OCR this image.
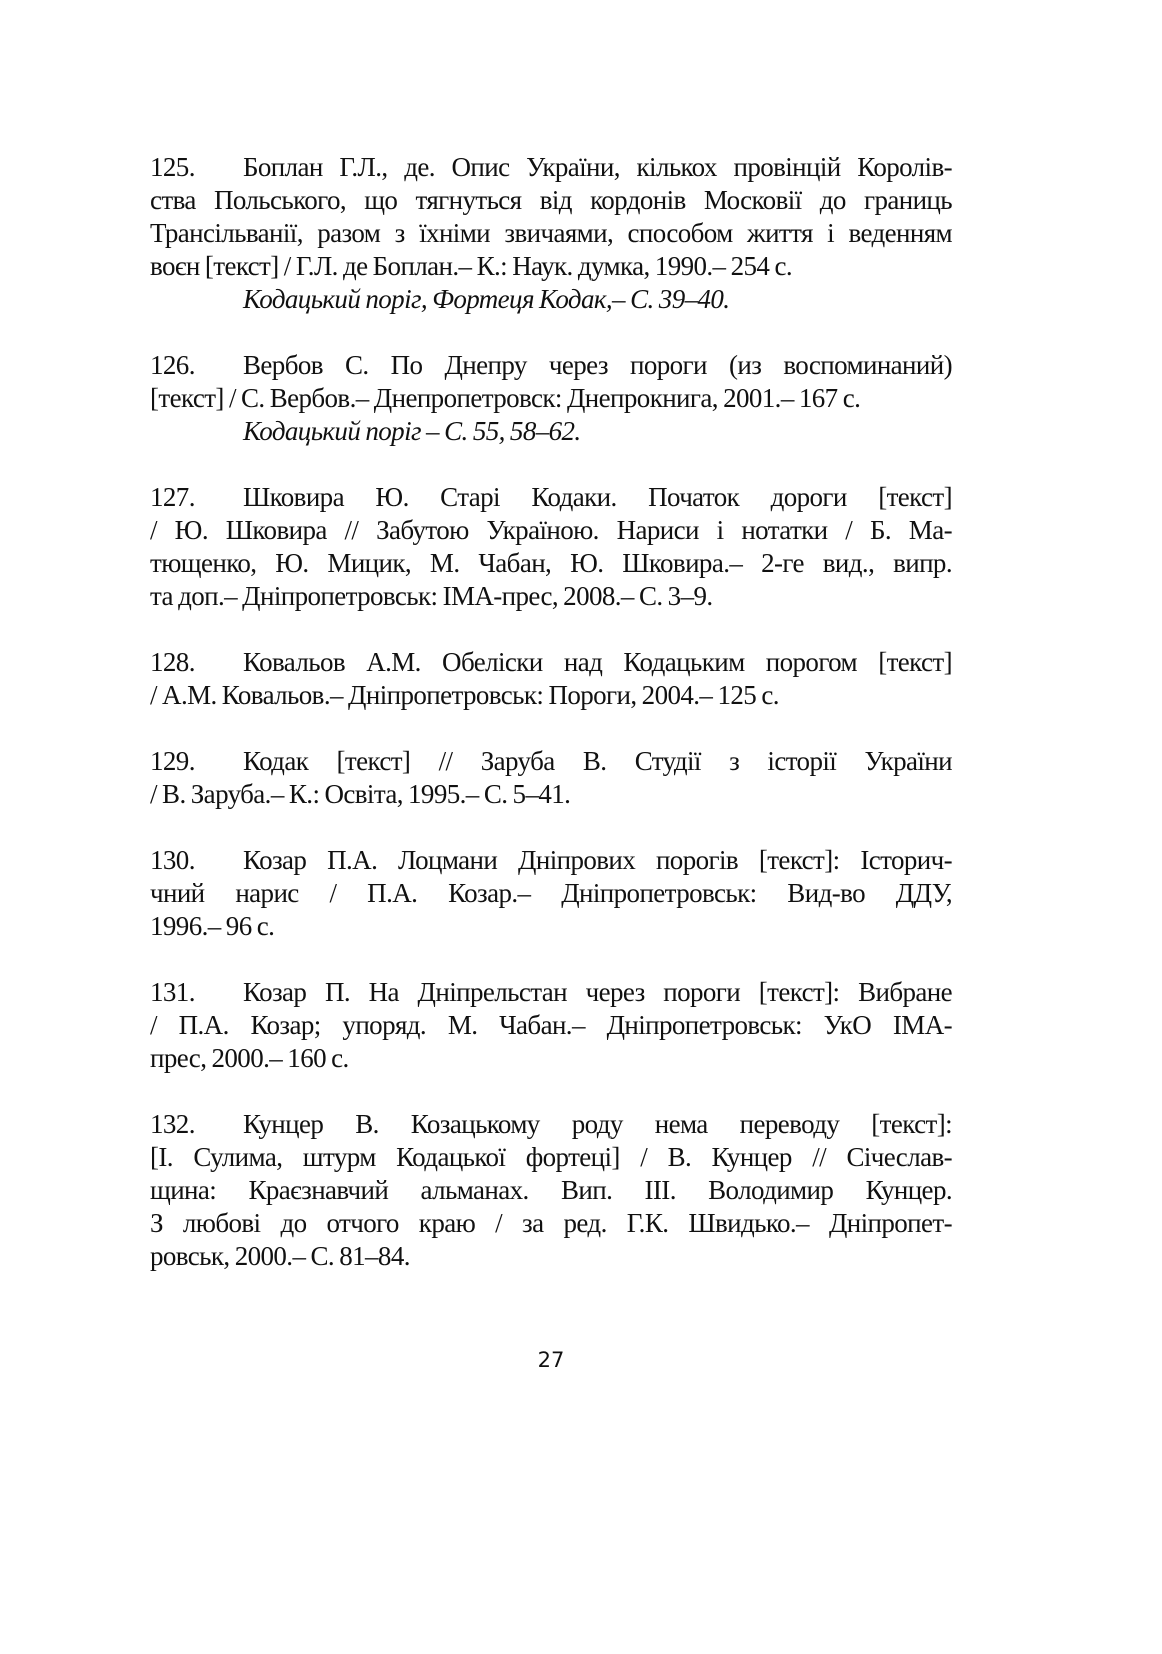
125. Боплан Г.Л., де. Опис України, кількох провінцій Королів-
ства Польського, що тягнуться від кордонів Московії до границь
Трансільванії, разом з їхніми звичаями, способом життя і веденням
воєн [текст] / Г.Л. де Боплан.– К.: Наук. думка, 1990.– 254 с.
Кодацький поріг, Фортеця Кодак,– С. 39–40.
126. Вербов С. По Днепру через пороги (из воспоминаний)
[текст] / С. Вербов.– Днепропетровск: Днепрокнига, 2001.– 167 с.
Кодацький поріг – С. 55, 58–62.
127. Шковира Ю. Старі Кодаки. Початок дороги [текст]
/ Ю. Шковира // Забутою Україною. Нариси і нотатки / Б. Ма-
тющенко, Ю. Мицик, М. Чабан, Ю. Шковира.– 2-ге вид., випр.
та доп.– Дніпропетровськ: ІМА-прес, 2008.– С. 3–9.
128. Ковальов А.М. Обеліски над Кодацьким порогом [текст]
/ А.М. Ковальов.– Дніпропетровськ: Пороги, 2004.– 125 с.
129. Кодак [текст] // Заруба В. Студії з історії України
/ В. Заруба.– К.: Освіта, 1995.– С. 5–41.
130. Козар П.А. Лоцмани Дніпрових порогів [текст]: Історич-
чний нарис / П.А. Козар.– Дніпропетровськ: Вид-во ДДУ,
1996.– 96 с.
131. Козар П. На Дніпрельстан через пороги [текст]: Вибране
/ П.А. Козар; упоряд. М. Чабан.– Дніпропетровськ: УкО ІМА-
прес, 2000.– 160 с.
132. Кунцер В. Козацькому роду нема переводу [текст]:
[І. Сулима, штурм Кодацької фортеці] / В. Кунцер // Січеслав-
щина: Краєзнавчий альманах. Вип. ІІІ. Володимир Кунцер.
З любові до отчого краю / за ред. Г.К. Швидько.– Дніпропет-
ровськ, 2000.– С. 81–84.
27
